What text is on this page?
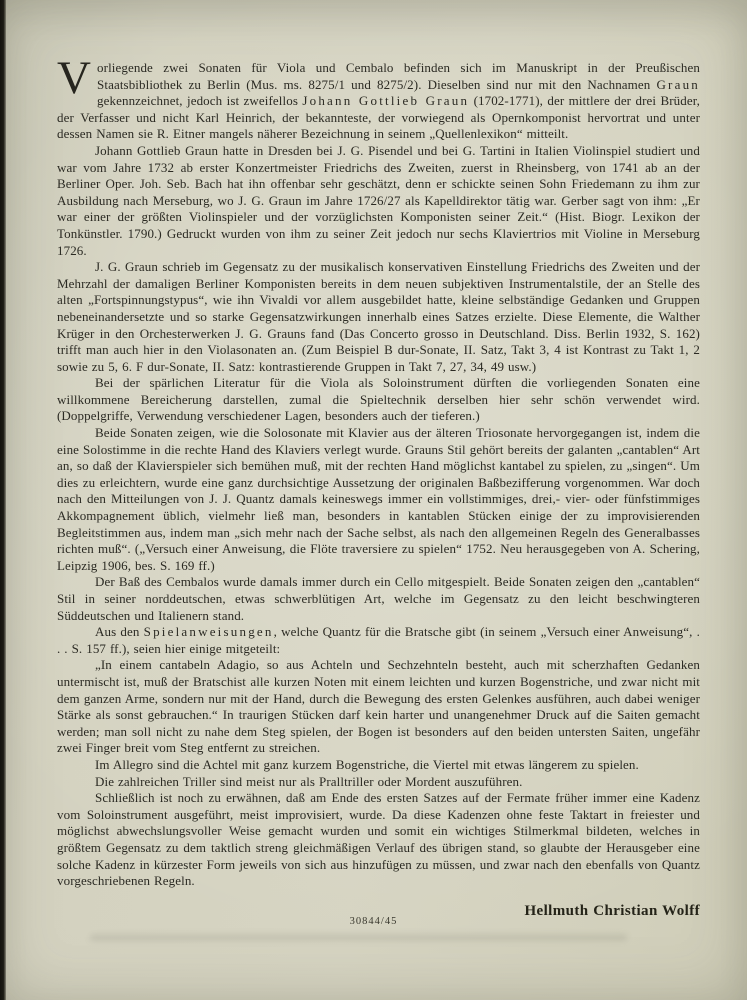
Vorliegende zwei Sonaten für Viola und Cembalo befinden sich im Manuskript in der Preußischen Staatsbibliothek zu Berlin (Mus. ms. 8275/1 und 8275/2). Dieselben sind nur mit den Nachnamen Graun gekennzeichnet, jedoch ist zweifellos Johann Gottlieb Graun (1702-1771), der mittlere der drei Brüder, der Verfasser und nicht Karl Heinrich, der bekannteste, der vorwiegend als Opernkomponist hervortrat und unter dessen Namen sie R. Eitner mangels näherer Bezeichnung in seinem „Quellenlexikon“ mitteilt.

Johann Gottlieb Graun hatte in Dresden bei J. G. Pisendel und bei G. Tartini in Italien Violinspiel studiert und war vom Jahre 1732 ab erster Konzertmeister Friedrichs des Zweiten, zuerst in Rheinsberg, von 1741 ab an der Berliner Oper. Joh. Seb. Bach hat ihn offenbar sehr geschätzt, denn er schickte seinen Sohn Friedemann zu ihm zur Ausbildung nach Merseburg, wo J. G. Graun im Jahre 1726/27 als Kapelldirektor tätig war. Gerber sagt von ihm: „Er war einer der größten Violinspieler und der vorzüglichsten Komponisten seiner Zeit.“ (Hist. Biogr. Lexikon der Tonkünstler. 1790.) Gedruckt wurden von ihm zu seiner Zeit jedoch nur sechs Klaviertrios mit Violine in Merseburg 1726.

J. G. Graun schrieb im Gegensatz zu der musikalisch konservativen Einstellung Friedrichs des Zweiten und der Mehrzahl der damaligen Berliner Komponisten bereits in dem neuen subjektiven Instrumentalstile, der an Stelle des alten „Fortspinnungstypus“, wie ihn Vivaldi vor allem ausgebildet hatte, kleine selbständige Gedanken und Gruppen nebeneinandersetzte und so starke Gegensatzwirkungen innerhalb eines Satzes erzielte. Diese Elemente, die Walther Krüger in den Orchesterwerken J. G. Grauns fand (Das Concerto grosso in Deutschland. Diss. Berlin 1932, S. 162) trifft man auch hier in den Violasonaten an. (Zum Beispiel B dur-Sonate, II. Satz, Takt 3, 4 ist Kontrast zu Takt 1, 2 sowie zu 5, 6. F dur-Sonate, II. Satz: kontrastierende Gruppen in Takt 7, 27, 34, 49 usw.)

Bei der spärlichen Literatur für die Viola als Soloinstrument dürften die vorliegenden Sonaten eine willkommene Bereicherung darstellen, zumal die Spieltechnik derselben hier sehr schön verwendet wird. (Doppelgriffe, Verwendung verschiedener Lagen, besonders auch der tieferen.)

Beide Sonaten zeigen, wie die Solosonate mit Klavier aus der älteren Triosonate hervorgegangen ist, indem die eine Solostimme in die rechte Hand des Klaviers verlegt wurde. Grauns Stil gehört bereits der galanten „cantablen“ Art an, so daß der Klavierspieler sich bemühen muß, mit der rechten Hand möglichst kantabel zu spielen, zu „singen“. Um dies zu erleichtern, wurde eine ganz durchsichtige Aussetzung der originalen Baßbezifferung vorgenommen. War doch nach den Mitteilungen von J. J. Quantz damals keineswegs immer ein vollstimmiges, drei,- vier- oder fünfstimmiges Akkompagnement üblich, vielmehr ließ man, besonders in kantablen Stücken einige der zu improvisierenden Begleitstimmen aus, indem man „sich mehr nach der Sache selbst, als nach den allgemeinen Regeln des Generalbasses richten muß“. („Versuch einer Anweisung, die Flöte traversiere zu spielen“ 1752. Neu herausgegeben von A. Schering, Leipzig 1906, bes. S. 169 ff.)

Der Baß des Cembalos wurde damals immer durch ein Cello mitgespielt. Beide Sonaten zeigen den „cantablen“ Stil in seiner norddeutschen, etwas schwerblütigen Art, welche im Gegensatz zu den leicht beschwingteren Süddeutschen und Italienern stand.

Aus den Spielanweisungen, welche Quantz für die Bratsche gibt (in seinem „Versuch einer Anweisung“, . . . S. 157 ff.), seien hier einige mitgeteilt:

„In einem cantabeln Adagio, so aus Achteln und Sechzehnteln besteht, auch mit scherzhaften Gedanken untermischt ist, muß der Bratschist alle kurzen Noten mit einem leichten und kurzen Bogenstriche, und zwar nicht mit dem ganzen Arme, sondern nur mit der Hand, durch die Bewegung des ersten Gelenkes ausführen, auch dabei weniger Stärke als sonst gebrauchen.“ In traurigen Stücken darf kein harter und unangenehmer Druck auf die Saiten gemacht werden; man soll nicht zu nahe dem Steg spielen, der Bogen ist besonders auf den beiden untersten Saiten, ungefähr zwei Finger breit vom Steg entfernt zu streichen.

Im Allegro sind die Achtel mit ganz kurzem Bogenstriche, die Viertel mit etwas längerem zu spielen.

Die zahlreichen Triller sind meist nur als Pralltriller oder Mordent auszuführen.

Schließlich ist noch zu erwähnen, daß am Ende des ersten Satzes auf der Fermate früher immer eine Kadenz vom Soloinstrument ausgeführt, meist improvisiert, wurde. Da diese Kadenzen ohne feste Taktart in freiester und möglichst abwechslungsvoller Weise gemacht wurden und somit ein wichtiges Stilmerkmal bildeten, welches in größtem Gegensatz zu dem taktlich streng gleichmäßigen Verlauf des übrigen stand, so glaubte der Herausgeber eine solche Kadenz in kürzester Form jeweils von sich aus hinzufügen zu müssen, und zwar nach den ebenfalls von Quantz vorgeschriebenen Regeln.

Hellmuth Christian Wolff
30844/45
